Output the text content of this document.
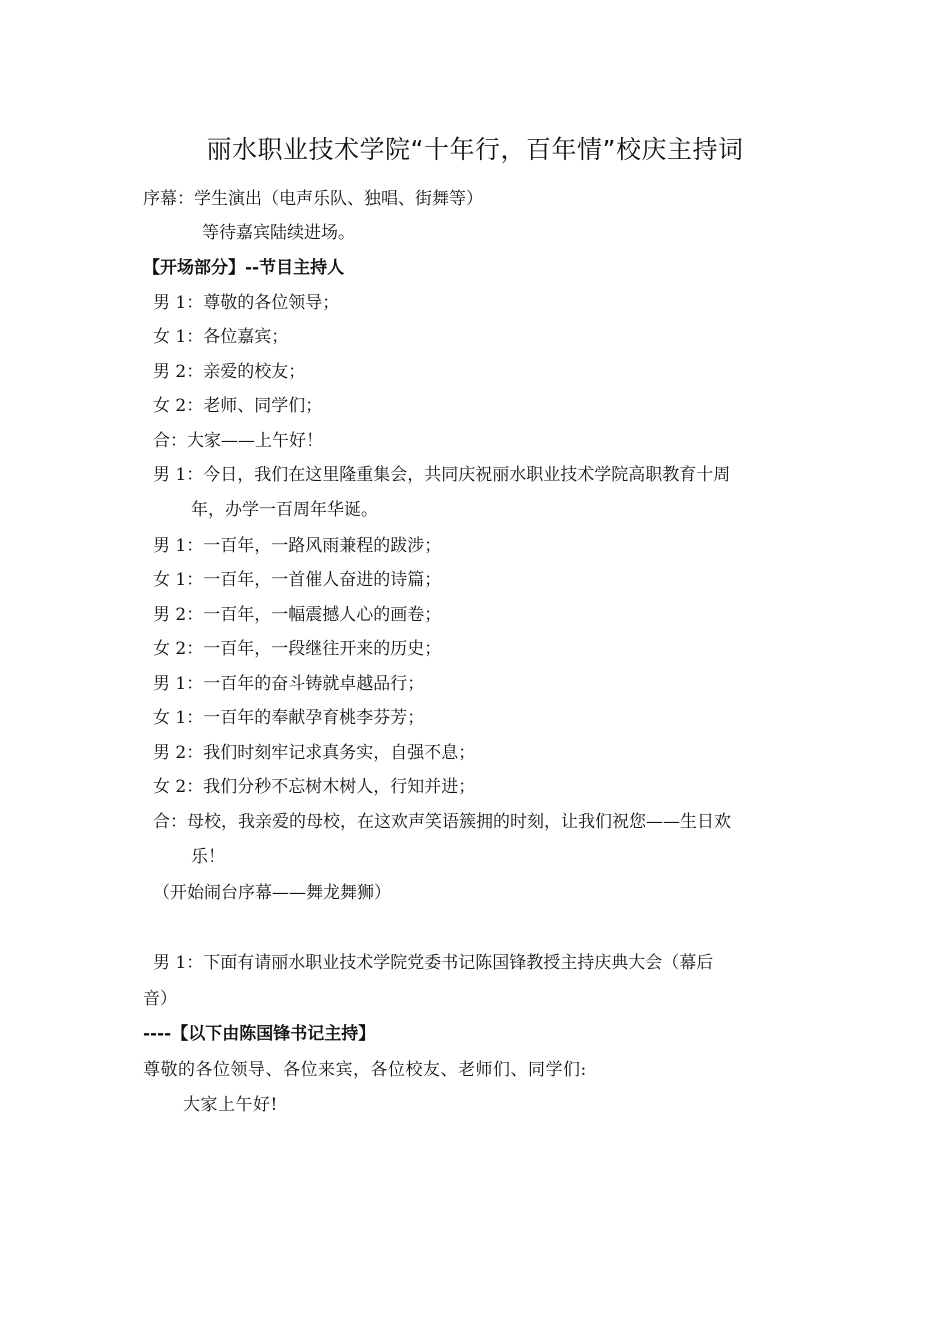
丽水职业技术学院“十年行，百年情”校庆主持词
序幕：学生演出（电声乐队、独唱、街舞等）
等待嘉宾陆续进场。
【开场部分】--节目主持人
男 1：尊敬的各位领导；
女 1：各位嘉宾；
男 2：亲爱的校友；
女 2：老师、同学们；
合：大家——上午好！
男 1：今日，我们在这里隆重集会，共同庆祝丽水职业技术学院高职教育十周
年，办学一百周年华诞。
男 1：一百年，一路风雨兼程的跋涉；
女 1：一百年，一首催人奋进的诗篇；
男 2：一百年，一幅震撼人心的画卷；
女 2：一百年，一段继往开来的历史；
男 1：一百年的奋斗铸就卓越品行；
女 1：一百年的奉献孕育桃李芬芳；
男 2：我们时刻牢记求真务实，自强不息；
女 2：我们分秒不忘树木树人，行知并进；
合：母校，我亲爱的母校，在这欢声笑语簇拥的时刻，让我们祝您——生日欢
乐！
（开始闹台序幕——舞龙舞狮）
男 1：下面有请丽水职业技术学院党委书记陈国锋教授主持庆典大会（幕后
音）
----【以下由陈国锋书记主持】
尊敬的各位领导、各位来宾，各位校友、老师们、同学们:
大家上午好!
